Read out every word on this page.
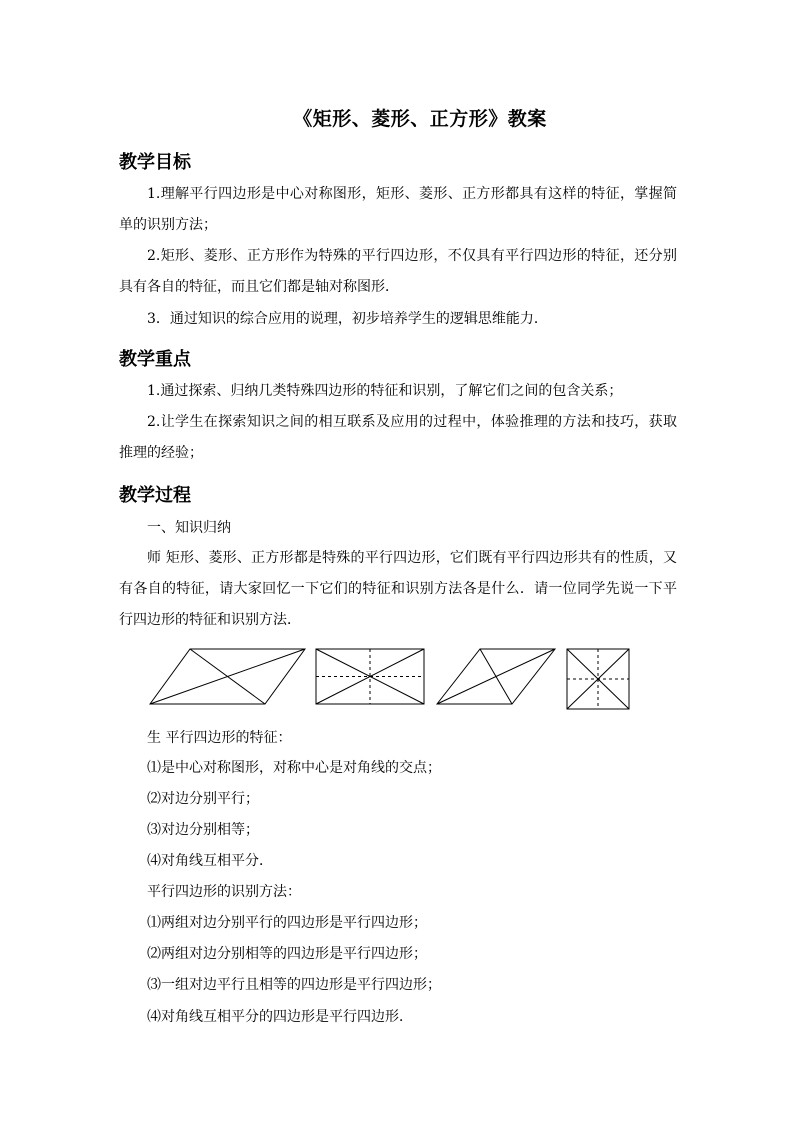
《矩形、菱形、正方形》教案
教学目标
1.理解平行四边形是中心对称图形，矩形、菱形、正方形都具有这样的特征，掌握简单的识别方法；
2.矩形、菱形、正方形作为特殊的平行四边形，不仅具有平行四边形的特征，还分别具有各自的特征，而且它们都是轴对称图形．
3．通过知识的综合应用的说理，初步培养学生的逻辑思维能力．
教学重点
1.通过探索、归纳几类特殊四边形的特征和识别，了解它们之间的包含关系；
2.让学生在探索知识之间的相互联系及应用的过程中，体验推理的方法和技巧，获取推理的经验；
教学过程
一、知识归纳
师 矩形、菱形、正方形都是特殊的平行四边形，它们既有平行四边形共有的性质，又有各自的特征，请大家回忆一下它们的特征和识别方法各是什么．请一位同学先说一下平行四边形的特征和识别方法．
生 平行四边形的特征：
⑴是中心对称图形，对称中心是对角线的交点；
⑵对边分别平行；
⑶对边分别相等；
⑷对角线互相平分．
平行四边形的识别方法：
⑴两组对边分别平行的四边形是平行四边形；
⑵两组对边分别相等的四边形是平行四边形；
⑶一组对边平行且相等的四边形是平行四边形；
⑷对角线互相平分的四边形是平行四边形．
